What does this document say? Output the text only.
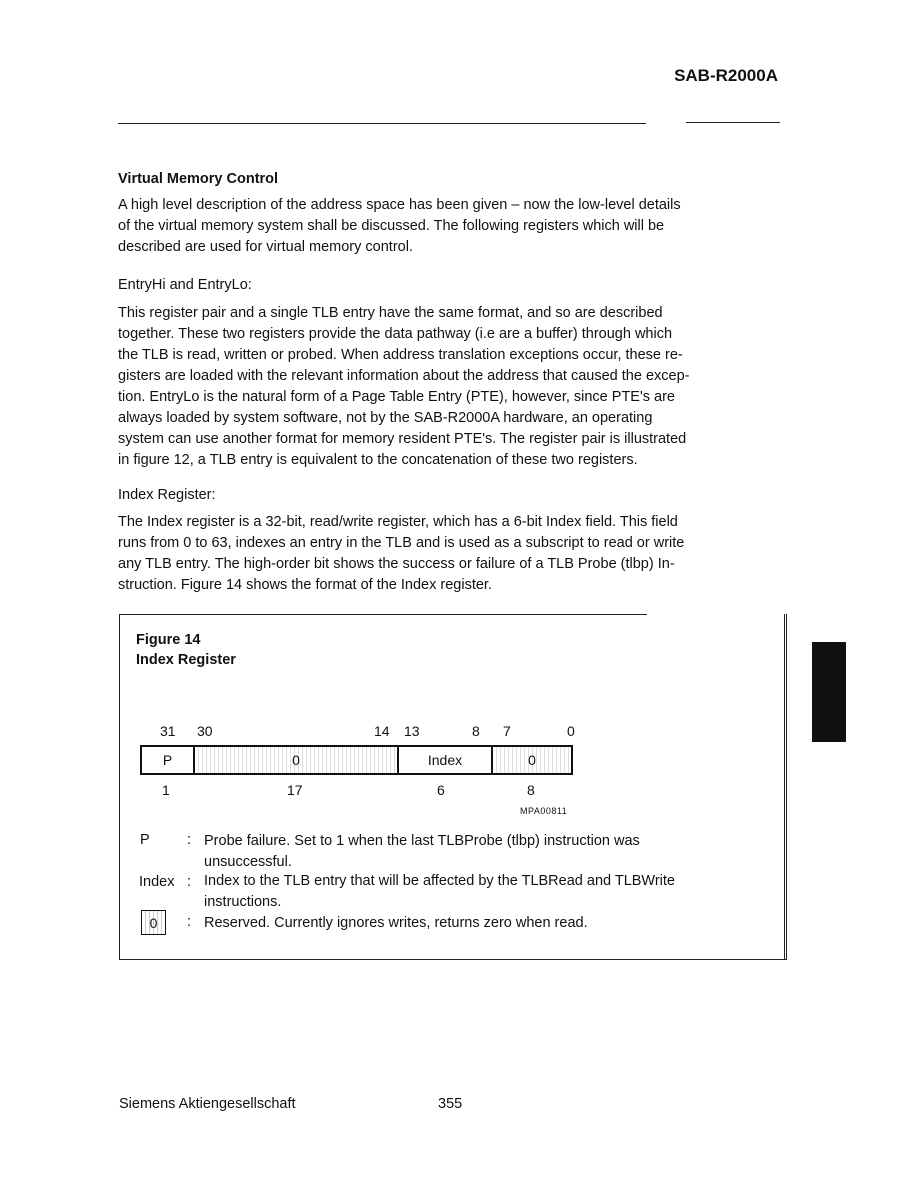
SAB-R2000A
Virtual Memory Control
A high level description of the address space has been given – now the low-level details
of the virtual memory system shall be discussed. The following registers which will be
described are used for virtual memory control.
EntryHi and EntryLo:
This register pair and a single TLB entry have the same format, and so are described
together. These two registers provide the data pathway (i.e are a buffer) through which
the TLB is read, written or probed. When address translation exceptions occur, these re-
gisters are loaded with the relevant information about the address that caused the excep-
tion. EntryLo is the natural form of a Page Table Entry (PTE), however, since PTE's are
always loaded by system software, not by the SAB-R2000A hardware, an operating
system can use another format for memory resident PTE's. The register pair is illustrated
in figure 12, a TLB entry is equivalent to the concatenation of these two registers.
Index Register:
The Index register is a 32-bit, read/write register, which has a 6-bit Index field. This field
runs from 0 to 63, indexes an entry in the TLB and is used as a subscript to read or write
any TLB entry. The high-order bit shows the success or failure of a TLB Probe (tlbp) In-
struction. Figure 14 shows the format of the Index register.
Figure 14
Index Register
31 30	14 13	8 7	0
P	0	Index	0
1	17	6	8
MPA00811
P	: Probe failure. Set to 1 when the last TLBProbe (tlbp) instruction was
unsuccessful.
Index : Index to the TLB entry that will be affected by the TLBRead and TLBWrite
instructions.
0	: Reserved. Currently ignores writes, returns zero when read.
Siemens Aktiengesellschaft	355
